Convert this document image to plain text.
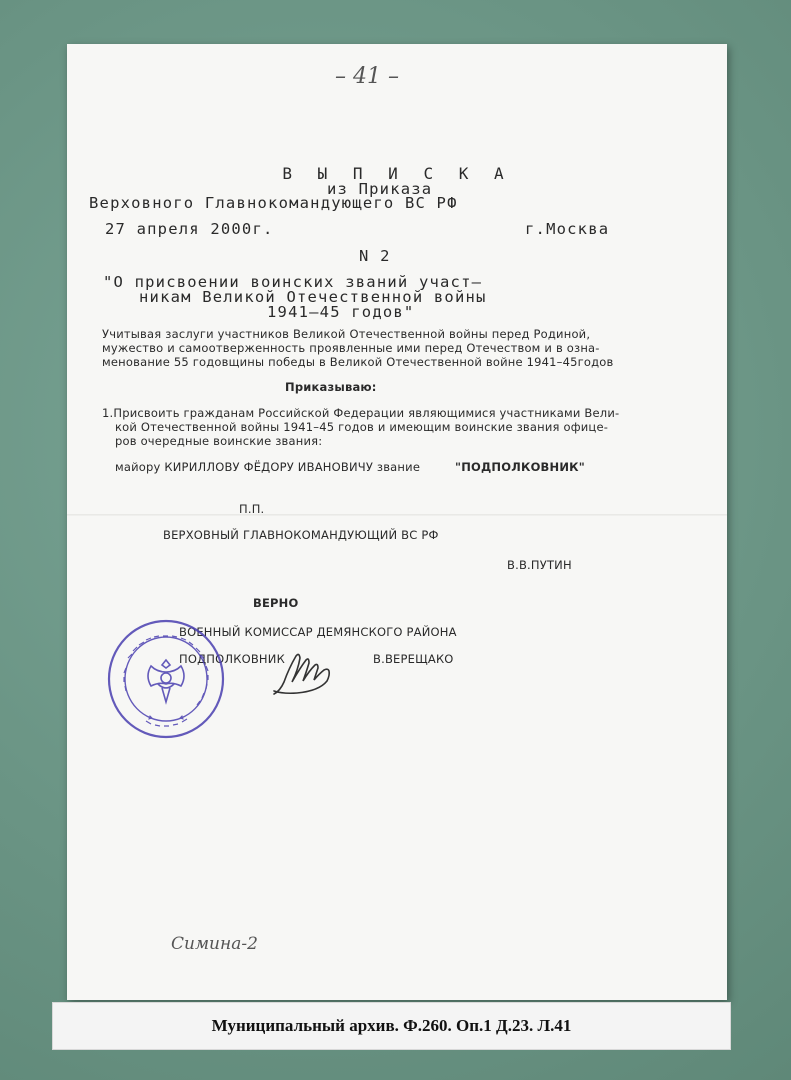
– 41 –

В Ы П И С К А

из Приказа

Верховного Главнокомандующего ВС РФ

27 апреля 2000г.	г.Москва

N 2

"О присвоении воинских званий участ–

никам Великой Отечественной войны

1941–45 годов"

Учитывая заслуги участников Великой Отечественной войны перед Родиной,

мужество и самоотверженность проявленные ими перед Отечеством и в озна-

менование 55 годовщины победы в Великой Отечественной войне 1941–45годов

Приказываю:

1.Присвоить гражданам Российской Федерации являющимися участниками Вели-

кой Отечественной войны 1941–45 годов и имеющим воинские звания офице-

ров очередные воинские звания:

майору КИРИЛЛОВУ ФЁДОРУ ИВАНОВИЧУ звание	"ПОДПОЛКОВНИК"

П.П.

ВЕРХОВНЫЙ ГЛАВНОКОМАНДУЮЩИЙ ВС РФ

В.В.ПУТИН

ВЕРНО

ВОЕННЫЙ КОМИССАР ДЕМЯНСКОГО РАЙОНА

ПОДПОЛКОВНИК	В.ВЕРЕЩАКО

Симина-2

Муниципальный архив. Ф.260. Оп.1 Д.23. Л.41
